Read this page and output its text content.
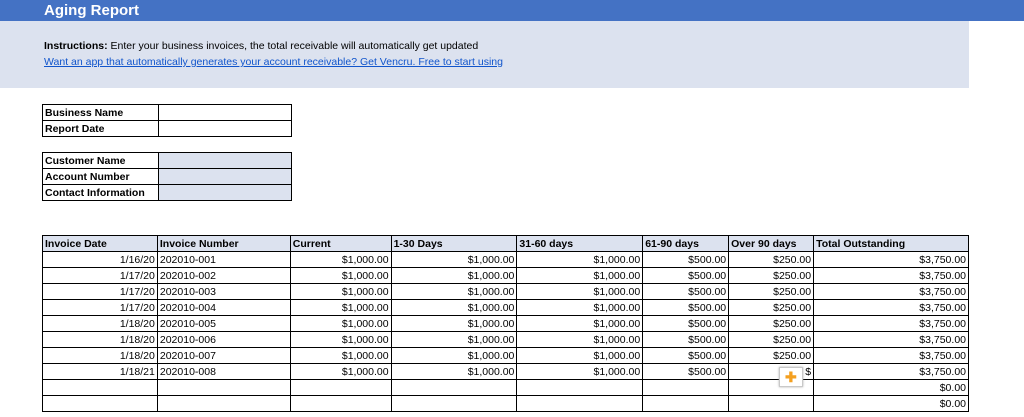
Aging Report
Instructions: Enter your business invoices, the total receivable will automatically get updated
Want an app that automatically generates your account receivable? Get Vencru. Free to start using
Business Name	
Report Date	
Customer Name	
Account Number	
Contact Information	
Invoice Date	Invoice Number	Current	1-30 Days	31-60 days	61-90 days	Over 90 days	Total Outstanding
1/16/20	202010-001	$1,000.00	$1,000.00	$1,000.00	$500.00	$250.00	$3,750.00
1/17/20	202010-002	$1,000.00	$1,000.00	$1,000.00	$500.00	$250.00	$3,750.00
1/17/20	202010-003	$1,000.00	$1,000.00	$1,000.00	$500.00	$250.00	$3,750.00
1/17/20	202010-004	$1,000.00	$1,000.00	$1,000.00	$500.00	$250.00	$3,750.00
1/18/20	202010-005	$1,000.00	$1,000.00	$1,000.00	$500.00	$250.00	$3,750.00
1/18/20	202010-006	$1,000.00	$1,000.00	$1,000.00	$500.00	$250.00	$3,750.00
1/18/20	202010-007	$1,000.00	$1,000.00	$1,000.00	$500.00	$250.00	$3,750.00
1/18/21	202010-008	$1,000.00	$1,000.00	$1,000.00	$500.00	$	$3,750.00
							$0.00
							$0.00
✚
